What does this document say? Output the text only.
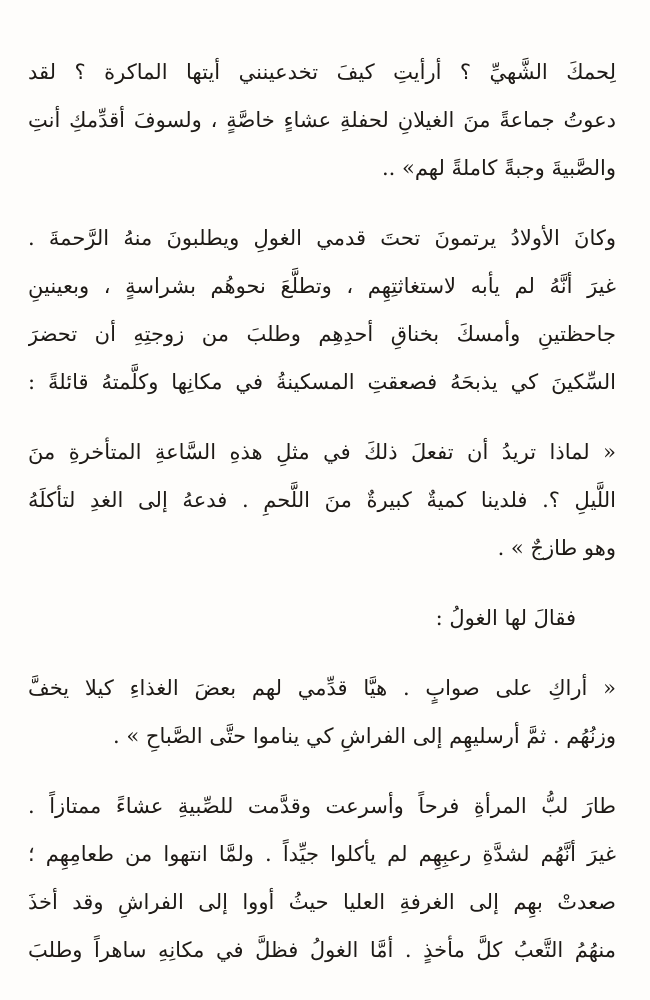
لِحمكَ الشَّهيِّ ؟ أرأيتِ كيفَ تخدعينني أيتها الماكرة ؟ لقد
دعوتُ جماعةً منَ الغيلانِ لحفلةِ عشاءٍ خاصَّةٍ ، ولسوفَ أقدِّمكِ أنتِ
والصَّبيةَ وجبةً كاملةً لهم» ..
وكانَ الأولادُ يرتمونَ تحتَ قدمي الغولِ ويطلبونَ منهُ الرَّحمةَ .
غيرَ أنَّهُ لم يأبه لاستغاثتِهِم ، وتطلَّعَ نحوهُم بشراسةٍ ، وبعينينِ
جاحظتينِ وأمسكَ بخناقِ أحدِهِم وطلبَ من زوجتِهِ أن تحضرَ
السِّكينَ كي يذبحَهُ فصعقتِ المسكينةُ في مكانِها وكلَّمتهُ قائلةً :
« لماذا تريدُ أن تفعلَ ذلكَ في مثلِ هذهِ السَّاعةِ المتأخرةِ منَ
اللَّيلِ ؟. فلدينا كميةٌ كبيرةٌ منَ اللَّحمِ . فدعهُ إلى الغدِ لتأكلَهُ
وهو طازجٌ » .
فقالَ لها الغولُ :
« أراكِ على صوابٍ . هيَّا قدِّمي لهم بعضَ الغذاءِ كيلا يخفَّ
وزنُهُم . ثمَّ أرسليهِم إلى الفراشِ كي يناموا حتَّى الصَّباحِ » .
طارَ لبُّ المرأةِ فرحاً وأسرعت وقدَّمت للصِّبيةِ عشاءً ممتازاً .
غيرَ أنَّهُم لشدَّةِ رعبِهِم لم يأكلوا جيِّداً . ولمَّا انتهوا من طعامِهِم ؛
صعدتْ بهِم إلى الغرفةِ العليا حيثُ أووا إلى الفراشِ وقد أخذَ
منهُمُ التَّعبُ كلَّ مأخذٍ . أمَّا الغولُ فظلَّ في مكانِهِ ساهراً وطلبَ
